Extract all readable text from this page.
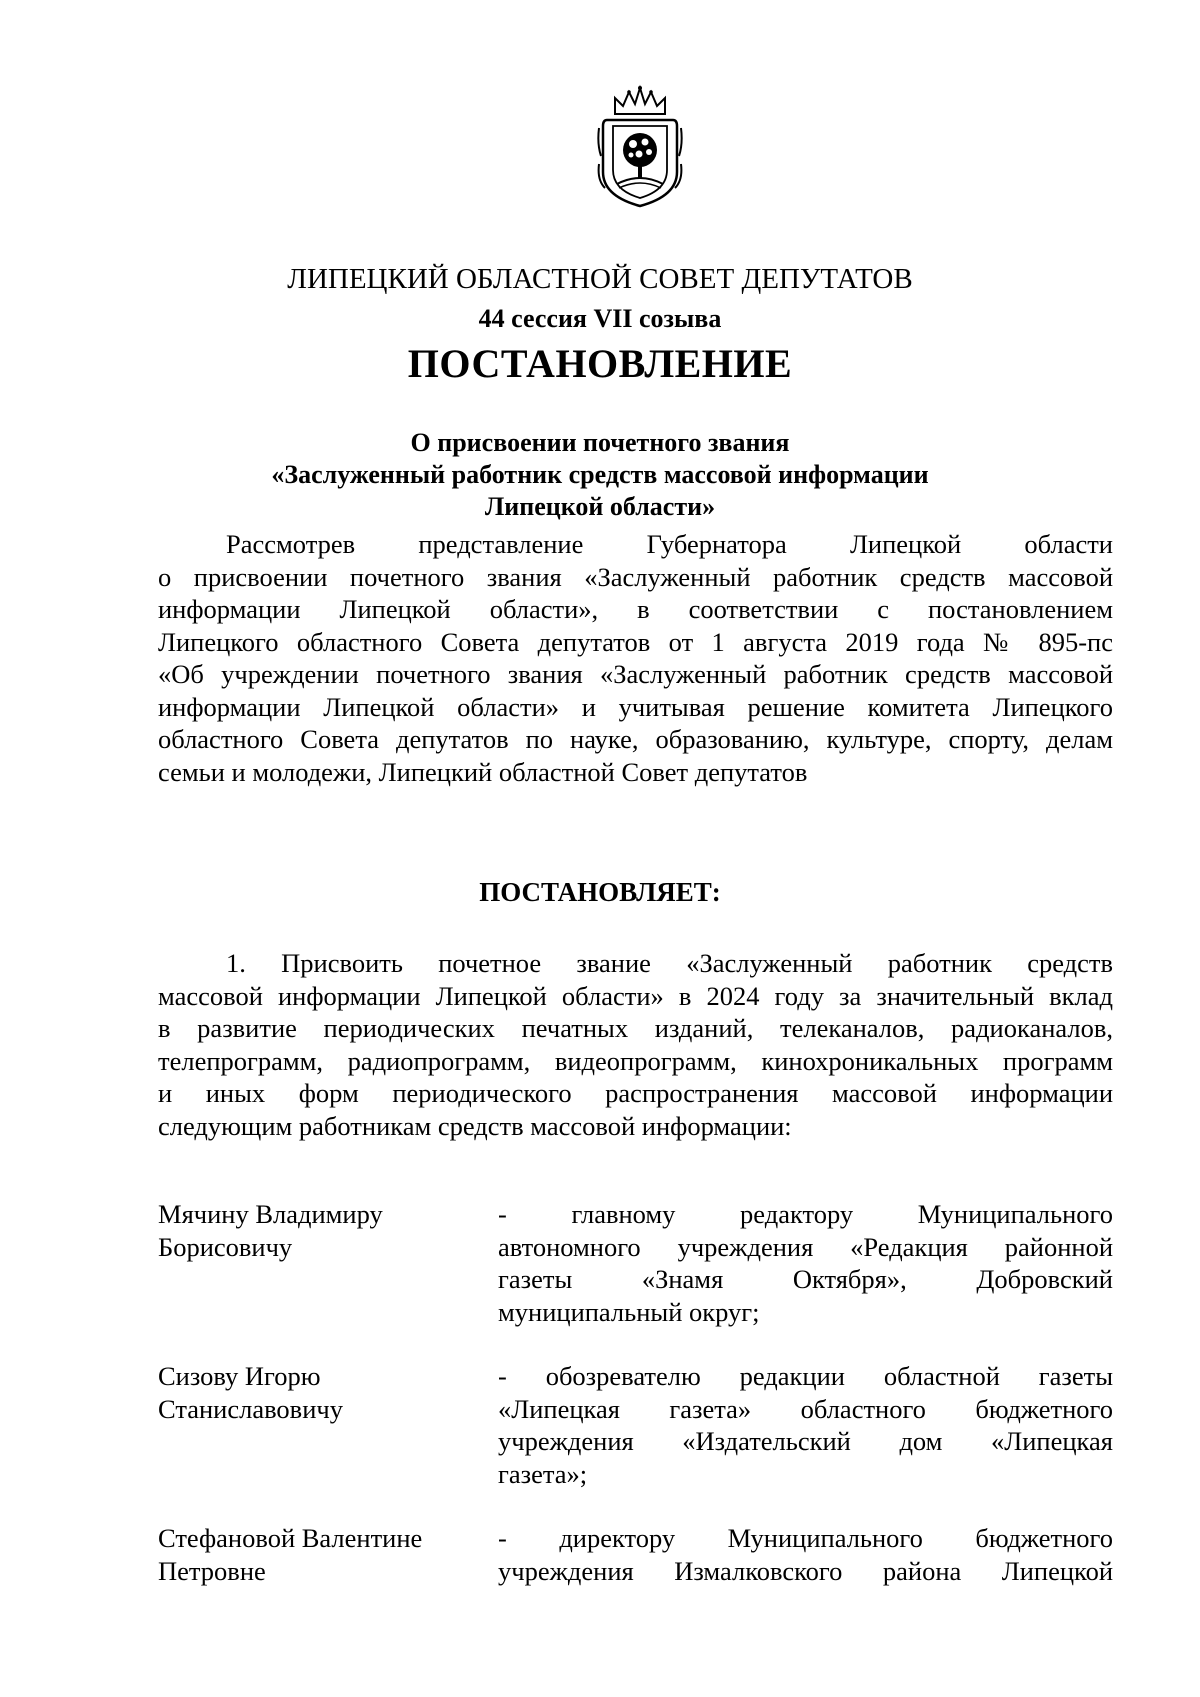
ЛИПЕЦКИЙ ОБЛАСТНОЙ СОВЕТ ДЕПУТАТОВ
44 сессия VII созыва
ПОСТАНОВЛЕНИЕ
О присвоении почетного звания
«Заслуженный работник средств массовой информации
Липецкой области»
Рассмотрев представление Губернатора Липецкой области
о присвоении почетного звания «Заслуженный работник средств массовой
информации Липецкой области», в соответствии с постановлением
Липецкого областного Совета депутатов от 1 августа 2019 года № 895-пс
«Об учреждении почетного звания «Заслуженный работник средств массовой
информации Липецкой области» и учитывая решение комитета Липецкого
областного Совета депутатов по науке, образованию, культуре, спорту, делам
семьи и молодежи, Липецкий областной Совет депутатов
ПОСТАНОВЛЯЕТ:
1. Присвоить почетное звание «Заслуженный работник средств
массовой информации Липецкой области» в 2024 году за значительный вклад
в развитие периодических печатных изданий, телеканалов, радиоканалов,
телепрограмм, радиопрограмм, видеопрограмм, кинохроникальных программ
и иных форм периодического распространения массовой информации
следующим работникам средств массовой информации:
Мячину Владимиру
Борисовичу
- главному редактору Муниципального
автономного учреждения «Редакция районной
газеты «Знамя Октября», Добровский
муниципальный округ;
Сизову Игорю
Станиславовичу
- обозревателю редакции областной газеты
«Липецкая газета» областного бюджетного
учреждения «Издательский дом «Липецкая
газета»;
Стефановой Валентине
Петровне
- директору Муниципального бюджетного
учреждения Измалковского района Липецкой
